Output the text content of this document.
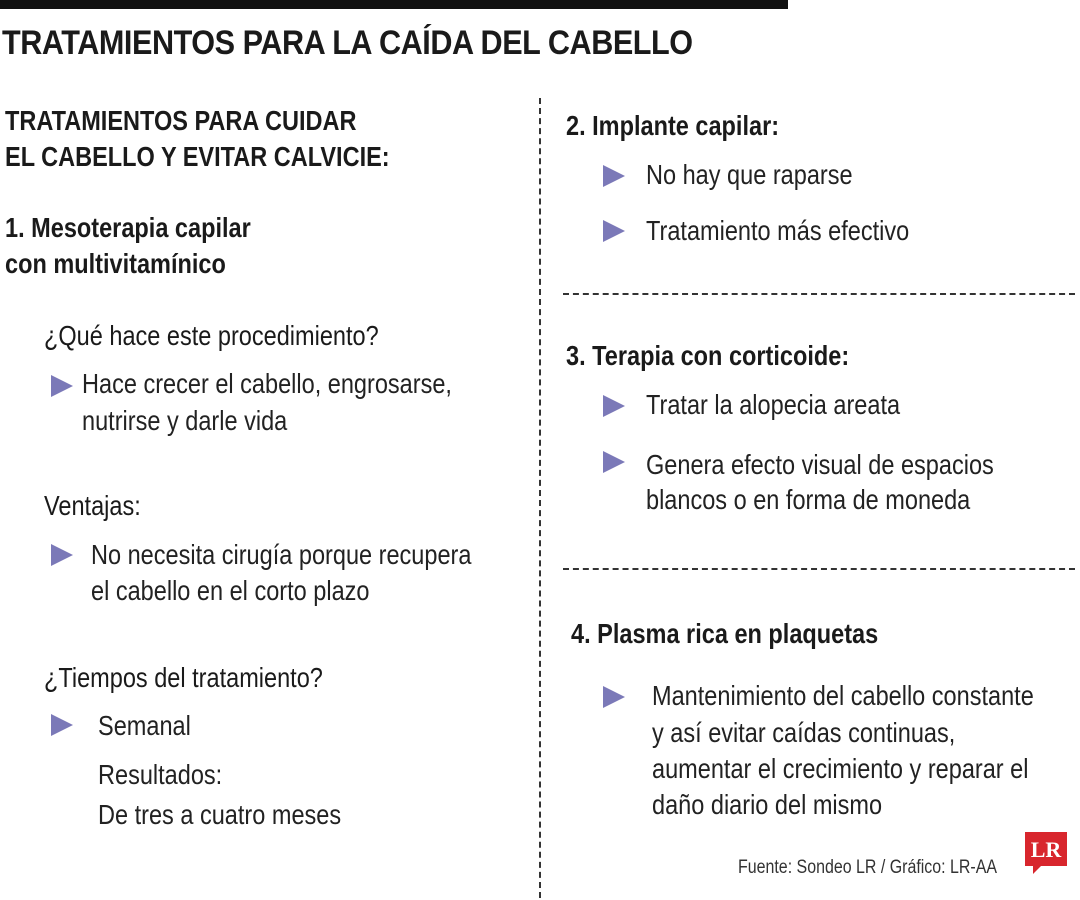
TRATAMIENTOS PARA LA CAÍDA DEL CABELLO
TRATAMIENTOS PARA CUIDAR
EL CABELLO Y EVITAR CALVICIE:
1. Mesoterapia capilar
con multivitamínico
¿Qué hace este procedimiento?
Hace crecer el cabello, engrosarse,
nutrirse y darle vida
Ventajas:
No necesita cirugía porque recupera
el cabello en el corto plazo
¿Tiempos del tratamiento?
Semanal
Resultados:
De tres a cuatro meses
2. Implante capilar:
No hay que raparse
Tratamiento más efectivo
3. Terapia con corticoide:
Tratar la alopecia areata
Genera efecto visual de espacios
blancos o en forma de moneda
4. Plasma rica en plaquetas
Mantenimiento del cabello constante
y así evitar caídas continuas,
aumentar el crecimiento y reparar el
daño diario del mismo
Fuente: Sondeo LR / Gráfico: LR-AA
LR
